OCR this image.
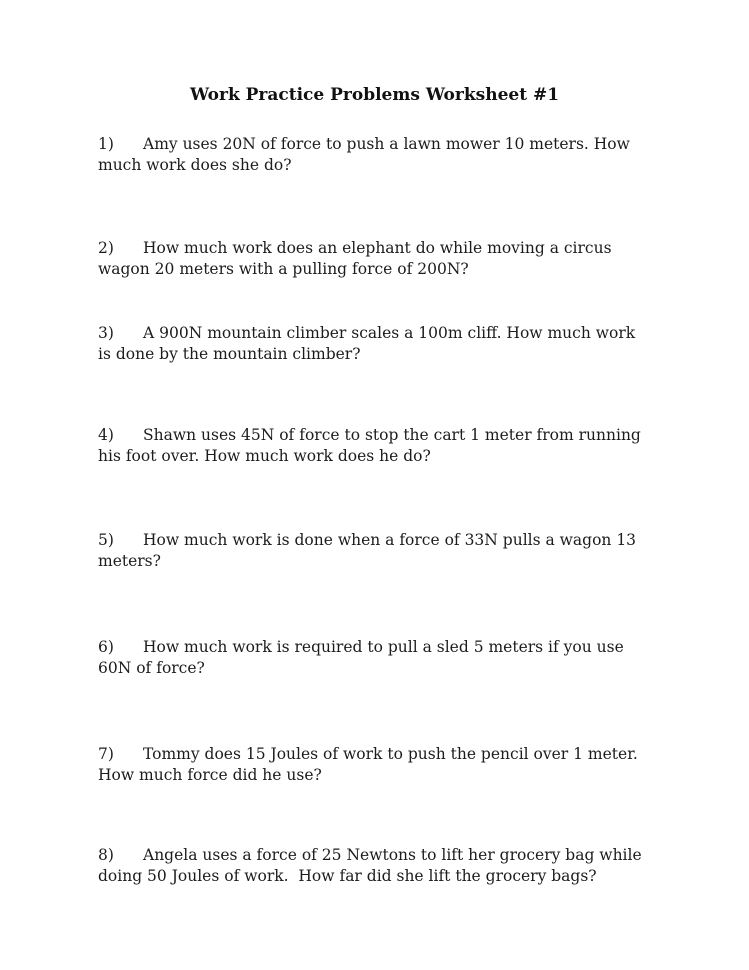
Work Practice Problems Worksheet #1
1) Amy uses 20N of force to push a lawn mower 10 meters. How much work does she do?
2) How much work does an elephant do while moving a circus wagon 20 meters with a pulling force of 200N?
3) A 900N mountain climber scales a 100m cliff. How much work is done by the mountain climber?
4) Shawn uses 45N of force to stop the cart 1 meter from running his foot over. How much work does he do?
5) How much work is done when a force of 33N pulls a wagon 13 meters?
6) How much work is required to pull a sled 5 meters if you use 60N of force?
7) Tommy does 15 Joules of work to push the pencil over 1 meter.  How much force did he use?
8) Angela uses a force of 25 Newtons to lift her grocery bag while doing 50 Joules of work.  How far did she lift the grocery bags?
